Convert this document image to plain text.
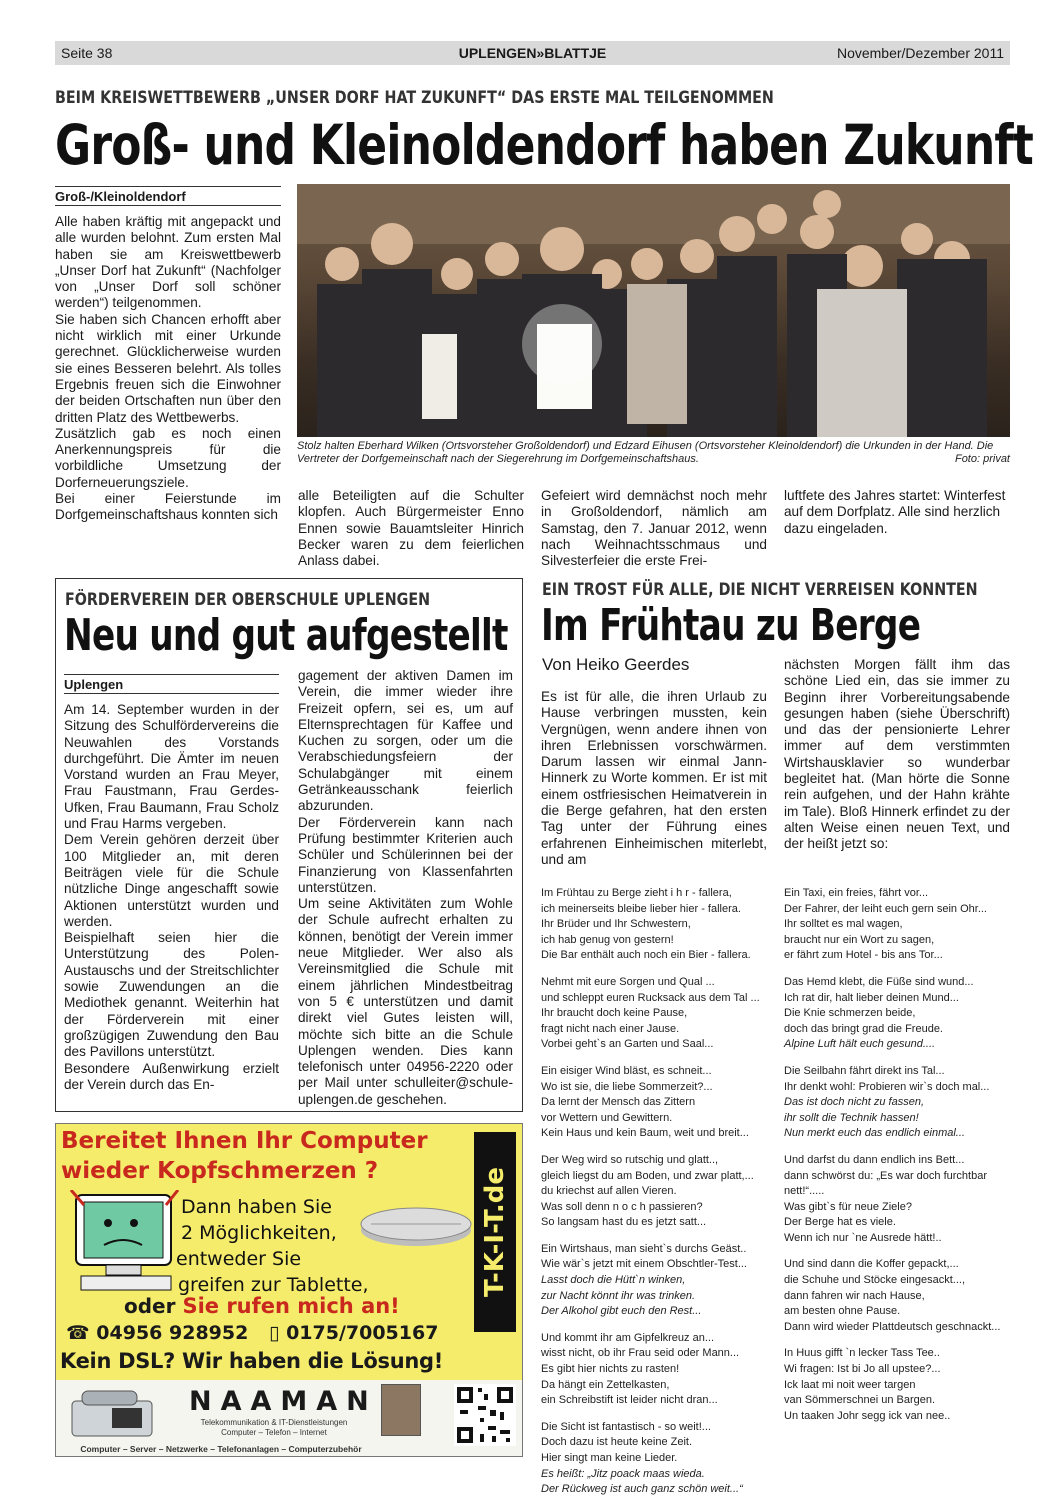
Seite 38	UPLENGEN»BLATTJE	November/Dezember 2011
BEIM KREISWETTBEWERB „UNSER DORF HAT ZUKUNFT“ DAS ERSTE MAL TEILGENOMMEN
Groß- und Kleinoldendorf haben Zukunft
Groß-/Kleinoldendorf

Alle haben kräftig mit angepackt und alle wurden belohnt. Zum ersten Mal haben sie am Kreiswettbewerb „Unser Dorf hat Zukunft“ (Nachfolger von „Unser Dorf soll schöner werden“) teilgenommen.

Sie haben sich Chancen erhofft aber nicht wirklich mit einer Urkunde gerechnet. Glücklicherweise wurden sie eines Besseren belehrt. Als tolles Ergebnis freuen sich die Einwohner der beiden Ortschaften nun über den dritten Platz des Wettbewerbs.

Zusätzlich gab es noch einen Anerkennungspreis für die vorbildliche Umsetzung der Dorferneuerungsziele.

Bei einer Feierstunde im Dorfgemeinschaftshaus konnten sich

Stolz halten Eberhard Wilken (Ortsvorsteher Großoldendorf) und Edzard Eihusen (Ortsvorsteher Kleinoldendorf) die Urkunden in der Hand. Die Vertreter der Dorfgemeinschaft nach der Siegerehrung im Dorfgemeinschaftshaus.	Foto: privat

alle Beteiligten auf die Schulter klopfen. Auch Bürgermeister Enno Ennen sowie Bauamtsleiter Hinrich Becker waren zu dem feierlichen Anlass dabei.

Gefeiert wird demnächst noch mehr in Großoldendorf, nämlich am Samstag, den 7. Januar 2012, wenn nach Weihnachtsschmaus und Silvesterfeier die erste Frei-

luftfete des Jahres startet: Winterfest auf dem Dorfplatz. Alle sind herzlich dazu eingeladen.

FÖRDERVEREIN DER OBERSCHULE UPLENGEN
Neu und gut aufgestellt
Uplengen

Am 14. September wurden in der Sitzung des Schulfördervereins die Neuwahlen des Vorstands durchgeführt. Die Ämter im neuen Vorstand wurden an Frau Meyer, Frau Faustmann, Frau Gerdes-Ufken, Frau Baumann, Frau Scholz und Frau Harms vergeben.

Dem Verein gehören derzeit über 100 Mitglieder an, mit deren Beiträgen viele für die Schule nützliche Dinge angeschafft sowie Aktionen unterstützt wurden und werden.

Beispielhaft seien hier die Unterstützung des Polen-Austauschs und der Streitschlichter sowie Zuwendungen an die Mediothek genannt. Weiterhin hat der Förderverein mit einer großzügigen Zuwendung den Bau des Pavillons unterstützt.

Besondere Außenwirkung erzielt der Verein durch das En-

gagement der aktiven Damen im Verein, die immer wieder ihre Freizeit opfern, sei es, um auf Elternsprechtagen für Kaffee und Kuchen zu sorgen, oder um die Verabschiedungsfeiern der Schulabgänger mit einem Getränkeausschank feierlich abzurunden.

Der Förderverein kann nach Prüfung bestimmter Kriterien auch Schüler und Schülerinnen bei der Finanzierung von Klassenfahrten unterstützen.

Um seine Aktivitäten zum Wohle der Schule aufrecht erhalten zu können, benötigt der Verein immer neue Mitglieder. Wer also als Vereinsmitglied die Schule mit einem jährlichen Mindestbeitrag von 5 € unterstützen und damit direkt viel Gutes leisten will, möchte sich bitte an die Schule Uplengen wenden. Dies kann telefonisch unter 04956-2220 oder per Mail unter schulleiter@schule-uplengen.de geschehen.

EIN TROST FÜR ALLE, DIE NICHT VERREISEN KONNTEN
Im Frühtau zu Berge
Von Heiko Geerdes

Es ist für alle, die ihren Urlaub zu Hause verbringen mussten, kein Vergnügen, wenn andere ihnen von ihren Erlebnissen vorschwärmen. Darum lassen wir einmal Jann-Hinnerk zu Worte kommen. Er ist mit einem ostfriesischen Heimatverein in die Berge gefahren, hat den ersten Tag unter der Führung eines erfahrenen Einheimischen miterlebt, und am

nächsten Morgen fällt ihm das schöne Lied ein, das sie immer zu Beginn ihrer Vorbereitungsabende gesungen haben (siehe Überschrift) und das der pensionierte Lehrer immer auf dem verstimmten Wirtshausklavier so wunderbar begleitet hat. (Man hörte die Sonne rein aufgehen, und der Hahn krähte im Tale). Bloß Hinnerk erfindet zu der alten Weise einen neuen Text, und der heißt jetzt so:

Im Frühtau zu Berge zieht i h r - fallera,
ich meinerseits bleibe lieber hier - fallera.
Ihr Brüder und Ihr Schwestern,
ich hab genug von gestern!
Die Bar enthält auch noch ein Bier - fallera.
Nehmt mit eure Sorgen und Qual ...
und schleppt euren Rucksack aus dem Tal ...
Ihr braucht doch keine Pause,
fragt nicht nach einer Jause.
Vorbei geht`s an Garten und Saal...
Ein eisiger Wind bläst, es schneit...
Wo ist sie, die liebe Sommerzeit?...
Da lernt der Mensch das Zittern
vor Wettern und Gewittern.
Kein Haus und kein Baum, weit und breit...
Der Weg wird so rutschig und glatt..,
gleich liegst du am Boden, und zwar platt,...
du kriechst auf allen Vieren.
Was soll denn n o c h passieren?
So langsam hast du es jetzt satt...
Ein Wirtshaus, man sieht`s durchs Geäst..
Wie wär`s jetzt mit einem Obschtler-Test...
Lasst doch die Hütt`n winken,
zur Nacht könnt ihr was trinken.
Der Alkohol gibt euch den Rest...
Und kommt ihr am Gipfelkreuz an...
wisst nicht, ob ihr Frau seid oder Mann...
Es gibt hier nichts zu rasten!
Da hängt ein Zettelkasten,
ein Schreibstift ist leider nicht dran...
Die Sicht ist fantastisch - so weit!...
Doch dazu ist heute keine Zeit.
Hier singt man keine Lieder.
Es heißt: „Jitz poack maas wieda.
Der Rückweg ist auch ganz schön weit...“
Ein Taxi, ein freies, fährt vor...
Der Fahrer, der leiht euch gern sein Ohr...
Ihr solltet es mal wagen,
braucht nur ein Wort zu sagen,
er fährt zum Hotel - bis ans Tor...
Das Hemd klebt, die Füße sind wund...
Ich rat dir, halt lieber deinen Mund...
Die Knie schmerzen beide,
doch das bringt grad die Freude.
Alpine Luft hält euch gesund....
Die Seilbahn fährt direkt ins Tal...
Ihr denkt wohl: Probieren wir`s doch mal...
Das ist doch nicht zu fassen,
ihr sollt die Technik hassen!
Nun merkt euch das endlich einmal...
Und darfst du dann endlich ins Bett...
dann schwörst du: „Es war doch furchtbar nett!“.....
Was gibt`s für neue Ziele?
Der Berge hat es viele.
Wenn ich nur `ne Ausrede hätt!..
Und sind dann die Koffer gepackt,...
die Schuhe und Stöcke eingesackt...,
dann fahren wir nach Hause,
am besten ohne Pause.
Dann wird wieder Plattdeutsch geschnackt...
In Huus gifft `n lecker Tass Tee..
Wi fragen: Ist bi Jo all upstee?...
Ick laat mi noit weer targen
van Sömmerschnei un Bargen.
Un taaken Johr segg ick van nee..
Bereitet Ihnen Ihr Computer
wieder Kopfschmerzen ?
Dann haben Sie
2 Möglichkeiten,
entweder Sie
greifen zur Tablette,
oder Sie rufen mich an!
☎ 04956 928952 ▯ 0175/7005167
Kein DSL? Wir haben die Lösung!
T-K-I-T.de
NAAMAN
Telekommunikation & IT-Dienstleistungen
Computer – Telefon – Internet
Computer – Server – Netzwerke – Telefonanlagen – Computerzubehör
